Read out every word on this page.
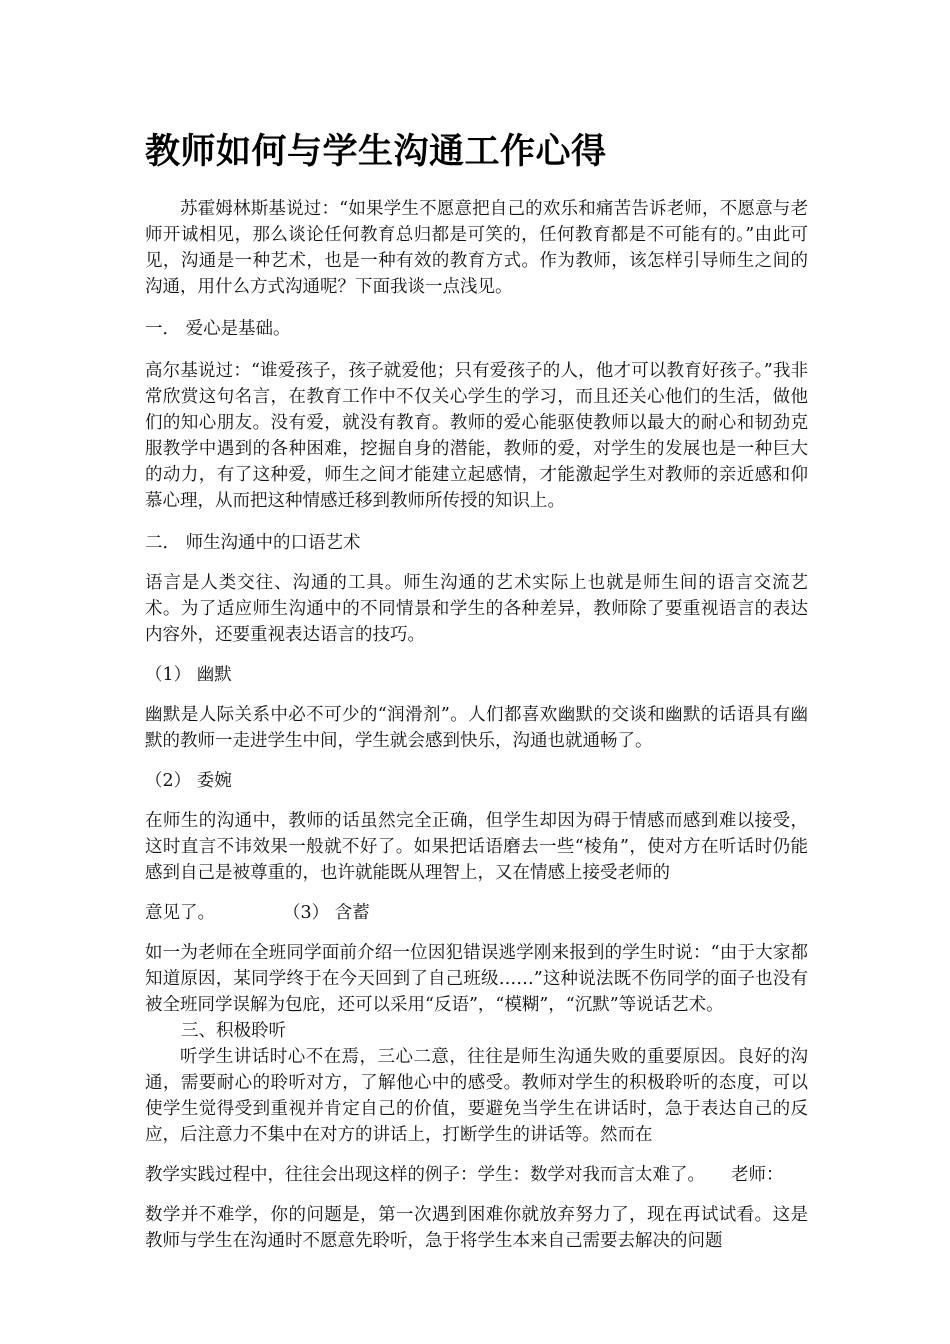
教师如何与学生沟通工作心得

苏霍姆林斯基说过：“如果学生不愿意把自己的欢乐和痛苦告诉老师，不愿意与老师开诚相见，那么谈论任何教育总归都是可笑的，任何教育都是不可能有的。”由此可见，沟通是一种艺术，也是一种有效的教育方式。作为教师，该怎样引导师生之间的沟通，用什么方式沟通呢？下面我谈一点浅见。

一． 爱心是基础。

高尔基说过：“谁爱孩子，孩子就爱他；只有爱孩子的人，他才可以教育好孩子。”我非常欣赏这句名言，在教育工作中不仅关心学生的学习，而且还关心他们的生活，做他们的知心朋友。没有爱，就没有教育。教师的爱心能驱使教师以最大的耐心和韧劲克服教学中遇到的各种困难，挖掘自身的潜能，教师的爱，对学生的发展也是一种巨大的动力，有了这种爱，师生之间才能建立起感情，才能激起学生对教师的亲近感和仰慕心理，从而把这种情感迁移到教师所传授的知识上。

二． 师生沟通中的口语艺术

语言是人类交往、沟通的工具。师生沟通的艺术实际上也就是师生间的语言交流艺术。为了适应师生沟通中的不同情景和学生的各种差异，教师除了要重视语言的表达内容外，还要重视表达语言的技巧。

（1） 幽默

幽默是人际关系中必不可少的“润滑剂”。人们都喜欢幽默的交谈和幽默的话语具有幽默的教师一走进学生中间，学生就会感到快乐，沟通也就通畅了。

（2） 委婉

在师生的沟通中，教师的话虽然完全正确，但学生却因为碍于情感而感到难以接受，这时直言不讳效果一般就不好了。如果把话语磨去一些“棱角”，使对方在听话时仍能感到自己是被尊重的，也许就能既从理智上，又在情感上接受老师的

意见了。	（3） 含蓄

如一为老师在全班同学面前介绍一位因犯错误逃学刚来报到的学生时说：“由于大家都知道原因，某同学终于在今天回到了自己班级……”这种说法既不伤同学的面子也没有被全班同学误解为包庇，还可以采用“反语”，“模糊”，“沉默”等说话艺术。

三、积极聆听

听学生讲话时心不在焉，三心二意，往往是师生沟通失败的重要原因。良好的沟通，需要耐心的聆听对方，了解他心中的感受。教师对学生的积极聆听的态度，可以使学生觉得受到重视并肯定自己的价值，要避免当学生在讲话时，急于表达自己的反应，后注意力不集中在对方的讲话上，打断学生的讲话等。然而在

教学实践过程中，往往会出现这样的例子：学生：数学对我而言太难了。 老师：

数学并不难学，你的问题是，第一次遇到困难你就放弃努力了，现在再试试看。这是教师与学生在沟通时不愿意先聆听，急于将学生本来自己需要去解决的问题
